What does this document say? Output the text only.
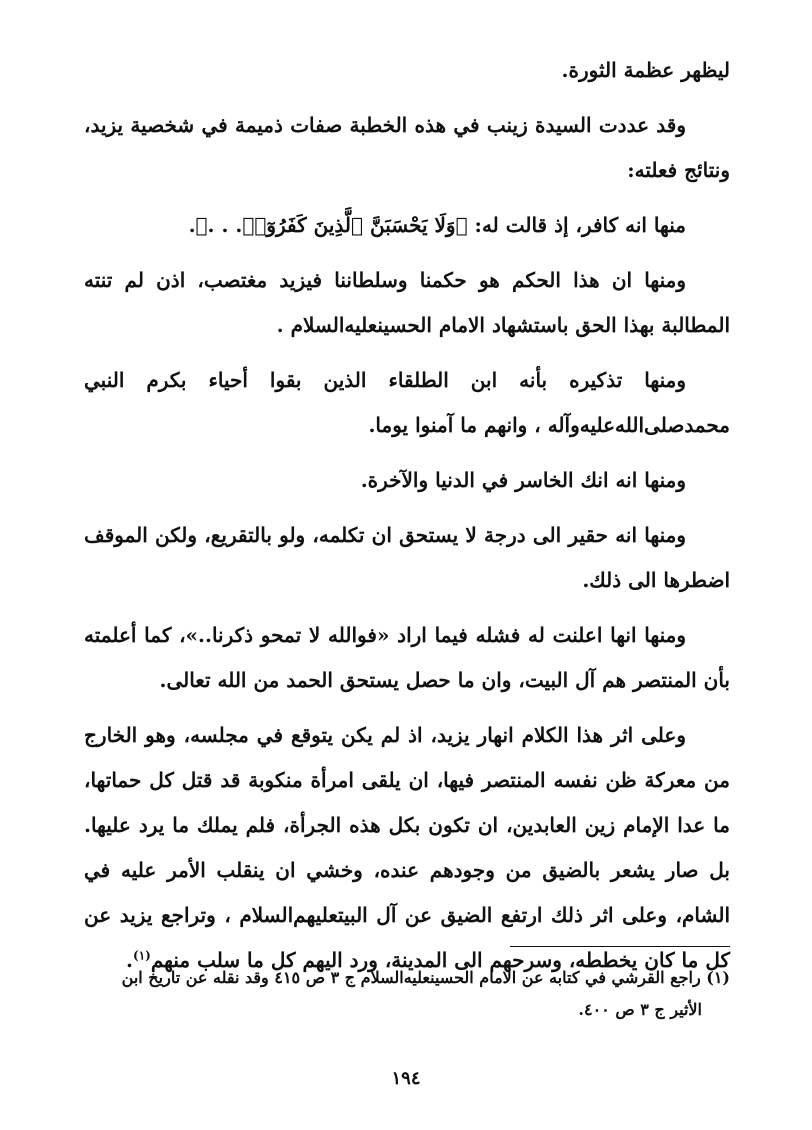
ليظهر عظمة الثورة.

وقد عددت السيدة زينب في هذه الخطبة صفات ذميمة في شخصية يزيد، ونتائج فعلته:

منها انه كافر، إذ قالت له: ﴿وَلَا يَحْسَبَنَّ ٱلَّذِينَ كَفَرُوٓا۟. . .﴾.

ومنها ان هذا الحكم هو حكمنا وسلطاننا فيزيد مغتصب، اذن لم تنته المطالبة بهذا الحق باستشهاد الامام الحسينعليه‌السلام .

ومنها تذكيره بأنه ابن الطلقاء الذين بقوا أحياء بكرم النبي محمدصلى‌الله‌عليه‌وآله ، وانهم ما آمنوا يوما.

ومنها انه انك الخاسر في الدنيا والآخرة.

ومنها انه حقير الى درجة لا يستحق ان تكلمه، ولو بالتقريع، ولكن الموقف اضطرها الى ذلك.

ومنها انها اعلنت له فشله فيما اراد «فوالله لا تمحو ذكرنا..»، كما أعلمته بأن المنتصر هم آل البيت، وان ما حصل يستحق الحمد من الله تعالى.

وعلى اثر هذا الكلام انهار يزيد، اذ لم يكن يتوقع في مجلسه، وهو الخارج من معركة ظن نفسه المنتصر فيها، ان يلقى امرأة منكوبة قد قتل كل حماتها، ما عدا الإمام زين العابدين، ان تكون بكل هذه الجرأة، فلم يملك ما يرد عليها. بل صار يشعر بالضيق من وجودهم عنده، وخشي ان ينقلب الأمر عليه في الشام، وعلى اثر ذلك ارتفع الضيق عن آل البيتعليهم‌السلام ، وتراجع يزيد عن كل ما كان يخططه، وسرحهم الى المدينة، ورد اليهم كل ما سلب منهم$^{(١)}$.

(١) راجع القرشي في كتابه عن الامام الحسينعليه‌السلام ج ٣ ص ٤١٥ وقد نقله عن تاريخ ابن
الأثير ج ٣ ص ٤٠٠.
١٩٤
